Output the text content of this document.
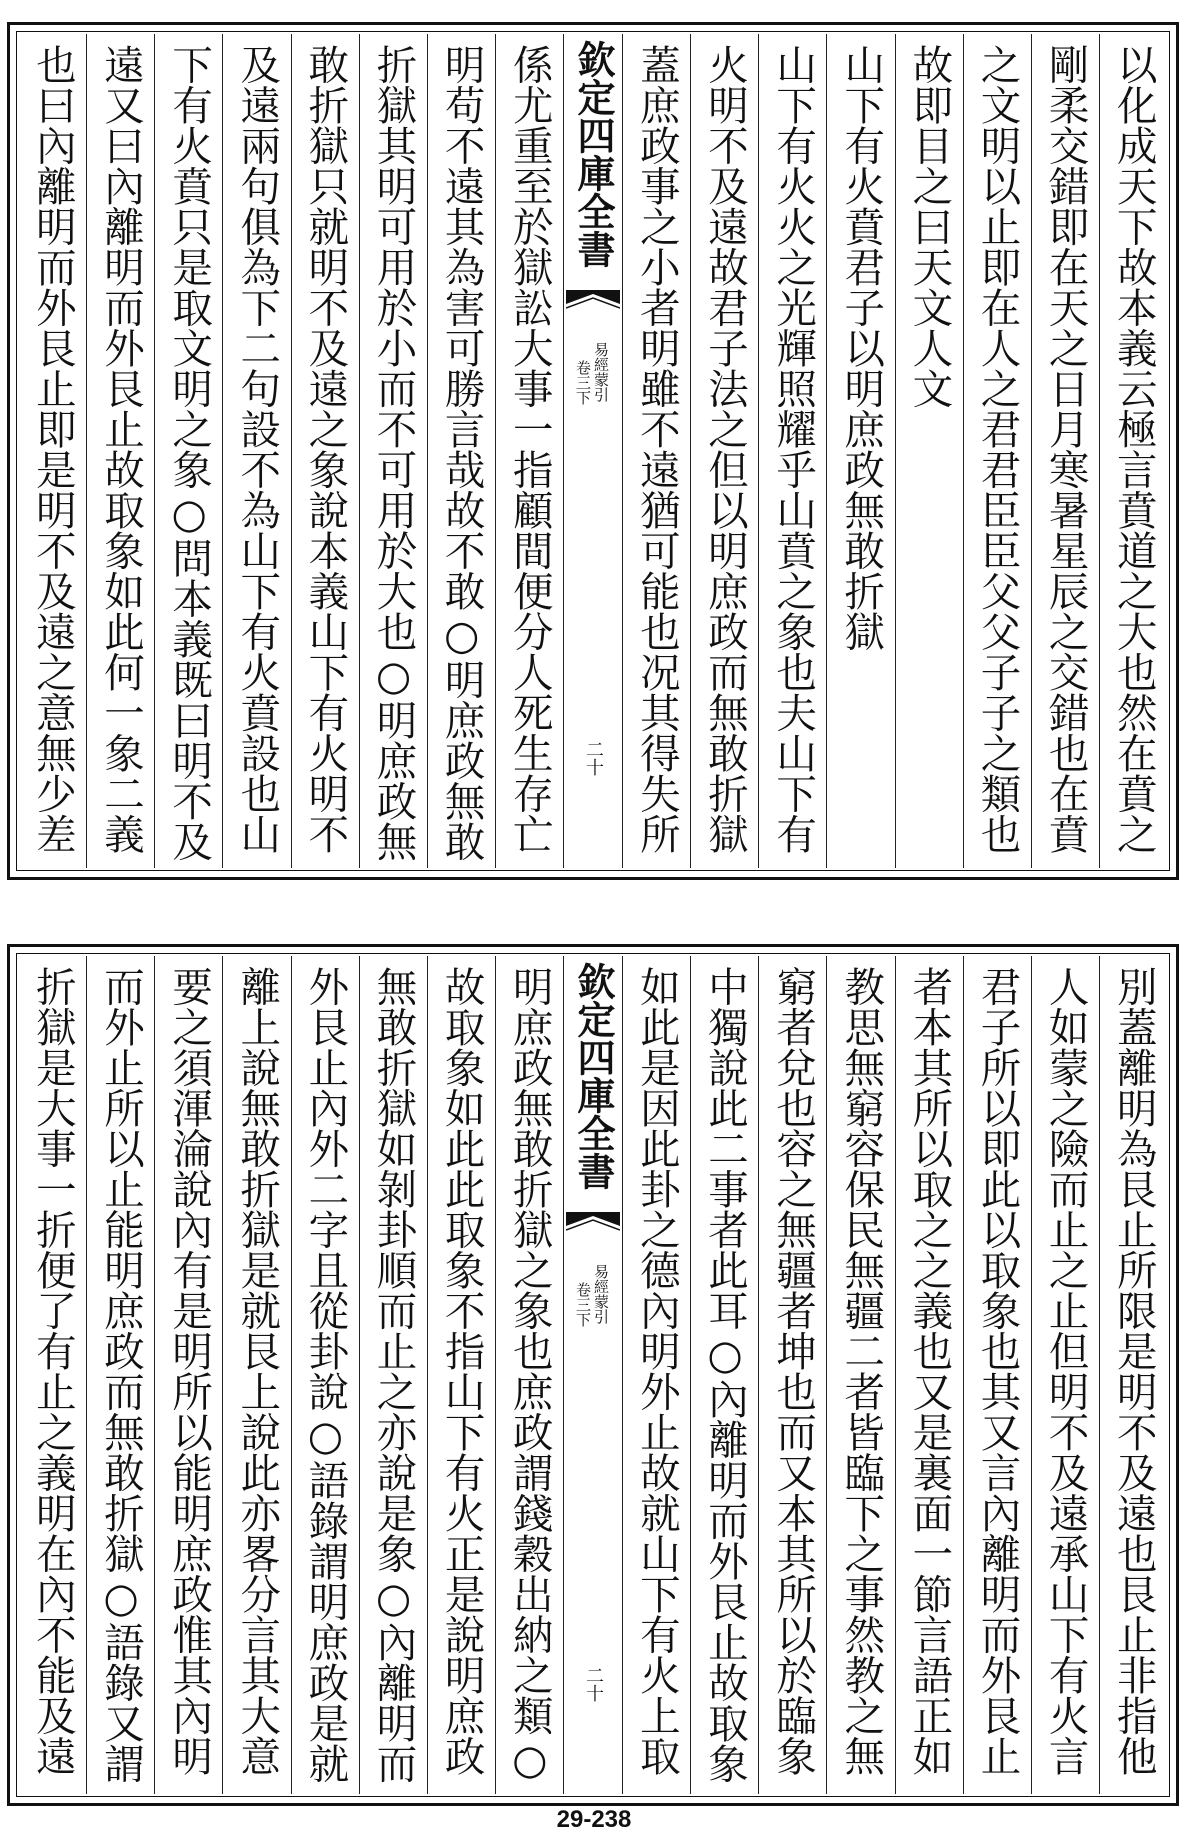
以化成天下故本義云極言賁道之大也然在賁之
剛柔交錯即在天之日月寒暑星辰之交錯也在賁
之文明以止即在人之君君臣臣父父子子之類也
故即目之曰天文人文
山下有火賁君子以明庶政無敢折獄
山下有火火之光輝照耀乎山賁之象也夫山下有
火明不及遠故君子法之但以明庶政而無敢折獄
蓋庶政事之小者明雖不遠猶可能也况其得失所
欽定四庫全書
易經蒙引
卷三下
二十
係尤重至於獄訟大事一指顧間便分人死生存亡
明苟不遠其為害可勝言哉故不敢○明庶政無敢
折獄其明可用於小而不可用於大也○明庶政無
敢折獄只就明不及遠之象說本義山下有火明不
及遠兩句俱為下二句設不為山下有火賁設也山
下有火賁只是取文明之象○問本義既曰明不及
遠又曰內離明而外艮止故取象如此何一象二義
也曰內離明而外艮止即是明不及遠之意無少差
別蓋離明為艮止所限是明不及遠也艮止非指他
人如蒙之險而止之止但明不及遠承山下有火言
君子所以即此以取象也其又言內離明而外艮止
者本其所以取之之義也又是裏面一節言語正如
教思無窮容保民無疆二者皆臨下之事然教之無
窮者兌也容之無疆者坤也而又本其所以於臨象
中獨說此二事者此耳○內離明而外艮止故取象
如此是因此卦之德內明外止故就山下有火上取
欽定四庫全書
易經蒙引
卷三下
二十
明庶政無敢折獄之象也庶政謂錢穀出納之類○
故取象如此此取象不指山下有火正是說明庶政
無敢折獄如剝卦順而止之亦說是象○內離明而
外艮止內外二字且從卦說○語錄謂明庶政是就
離上說無敢折獄是就艮上說此亦畧分言其大意
要之須渾淪說內有是明所以能明庶政惟其內明
而外止所以止能明庶政而無敢折獄○語錄又謂
折獄是大事一折便了有止之義明在內不能及遠
29-238
